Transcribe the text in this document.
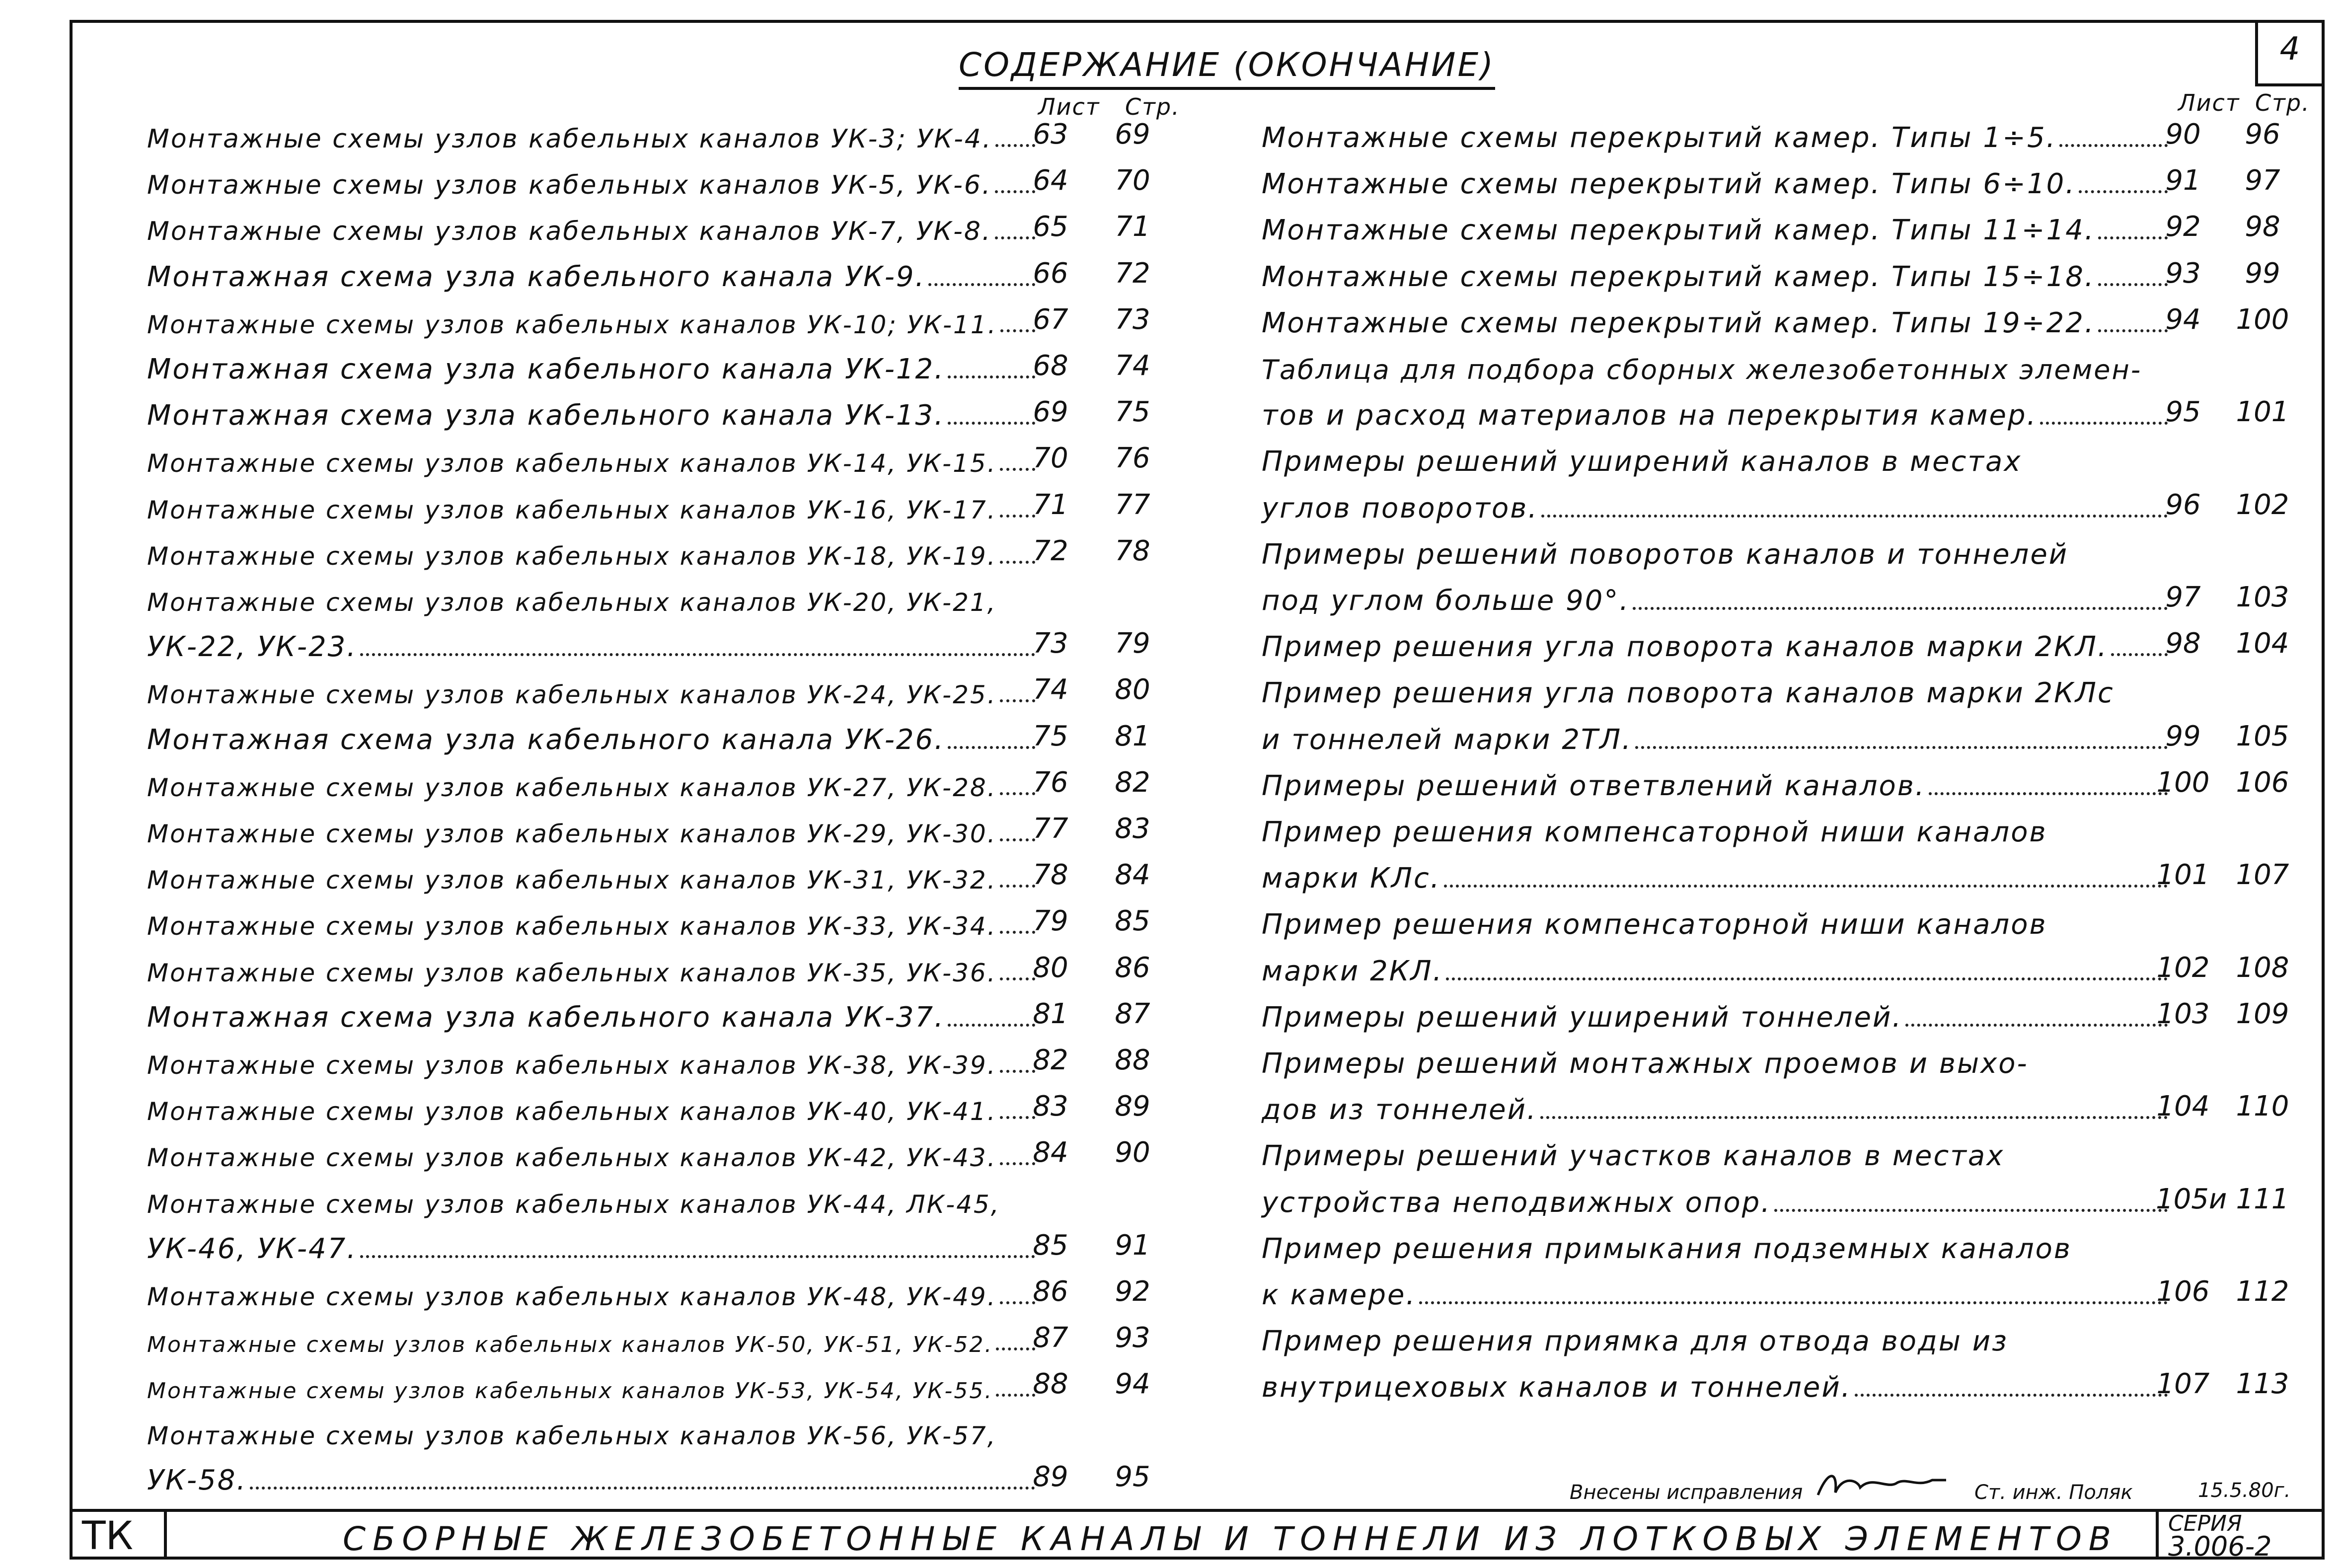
4
СОДЕРЖАНИЕ (ОКОНЧАНИЕ)
Лист Стр.	Лист Стр.
Монтажные схемы узлов кабельных каналов УК-3; УК-4.	63	69
Монтажные схемы узлов кабельных каналов УК-5, УК-6.	64	70
Монтажные схемы узлов кабельных каналов УК-7, УК-8.	65	71
Монтажная схема узла кабельного канала УК-9.	66	72
Монтажные схемы узлов кабельных каналов УК-10; УК-11.	67	73
Монтажная схема узла кабельного канала УК-12.	68	74
Монтажная схема узла кабельного канала УК-13.	69	75
Монтажные схемы узлов кабельных каналов УК-14, УК-15.	70	76
Монтажные схемы узлов кабельных каналов УК-16, УК-17.	71	77
Монтажные схемы узлов кабельных каналов УК-18, УК-19.	72	78
Монтажные схемы узлов кабельных каналов УК-20, УК-21,
УК-22, УК-23.	73	79
Монтажные схемы узлов кабельных каналов УК-24, УК-25.	74	80
Монтажная схема узла кабельного канала УК-26.	75	81
Монтажные схемы узлов кабельных каналов УК-27, УК-28.	76	82
Монтажные схемы узлов кабельных каналов УК-29, УК-30.	77	83
Монтажные схемы узлов кабельных каналов УК-31, УК-32.	78	84
Монтажные схемы узлов кабельных каналов УК-33, УК-34.	79	85
Монтажные схемы узлов кабельных каналов УК-35, УК-36.	80	86
Монтажная схема узла кабельного канала УК-37.	81	87
Монтажные схемы узлов кабельных каналов УК-38, УК-39.	82	88
Монтажные схемы узлов кабельных каналов УК-40, УК-41.	83	89
Монтажные схемы узлов кабельных каналов УК-42, УК-43.	84	90
Монтажные схемы узлов кабельных каналов УК-44, ЛК-45,
УК-46, УК-47.	85	91
Монтажные схемы узлов кабельных каналов УК-48, УК-49.	86	92
Монтажные схемы узлов кабельных каналов УК-50, УК-51, УК-52.	87	93
Монтажные схемы узлов кабельных каналов УК-53, УК-54, УК-55.	88	94
Монтажные схемы узлов кабельных каналов УК-56, УК-57,
УК-58.	89	95
Монтажные схемы перекрытий камер. Типы 1÷5.	90	96
Монтажные схемы перекрытий камер. Типы 6÷10.	91	97
Монтажные схемы перекрытий камер. Типы 11÷14.	92	98
Монтажные схемы перекрытий камер. Типы 15÷18.	93	99
Монтажные схемы перекрытий камер. Типы 19÷22.	94	100
Таблица для подбора сборных железобетонных элемен-
тов и расход материалов на перекрытия камер.	95	101
Примеры решений уширений каналов в местах
углов поворотов.	96	102
Примеры решений поворотов каналов и тоннелей
под углом больше 90°.	97	103
Пример решения угла поворота каналов марки 2КЛ.	98	104
Пример решения угла поворота каналов марки 2КЛс
и тоннелей марки 2ТЛ.	99	105
Примеры решений ответвлений каналов.	100 106
Пример решения компенсаторной ниши каналов
марки КЛс.	101 107
Пример решения компенсаторной ниши каналов
марки 2КЛ.	102 108
Примеры решений уширений тоннелей.	103 109
Примеры решений монтажных проемов и выхо-
дов из тоннелей.	104 110
Примеры решений участков каналов в местах
устройства неподвижных опор.	105и 111
Пример решения примыкания подземных каналов
к камере.	106 112
Пример решения приямка для отвода воды из
внутрицеховых каналов и тоннелей.	107 113
Внесены исправления	Ст. инж. Поляк	15.5.80г.
ТК	СБОРНЫЕ ЖЕЛЕЗОБЕТОННЫЕ КАНАЛЫ И ТОННЕЛИ ИЗ ЛОТКОВЫХ ЭЛЕМЕНТОВ СЕРИЯ
3.006-2
